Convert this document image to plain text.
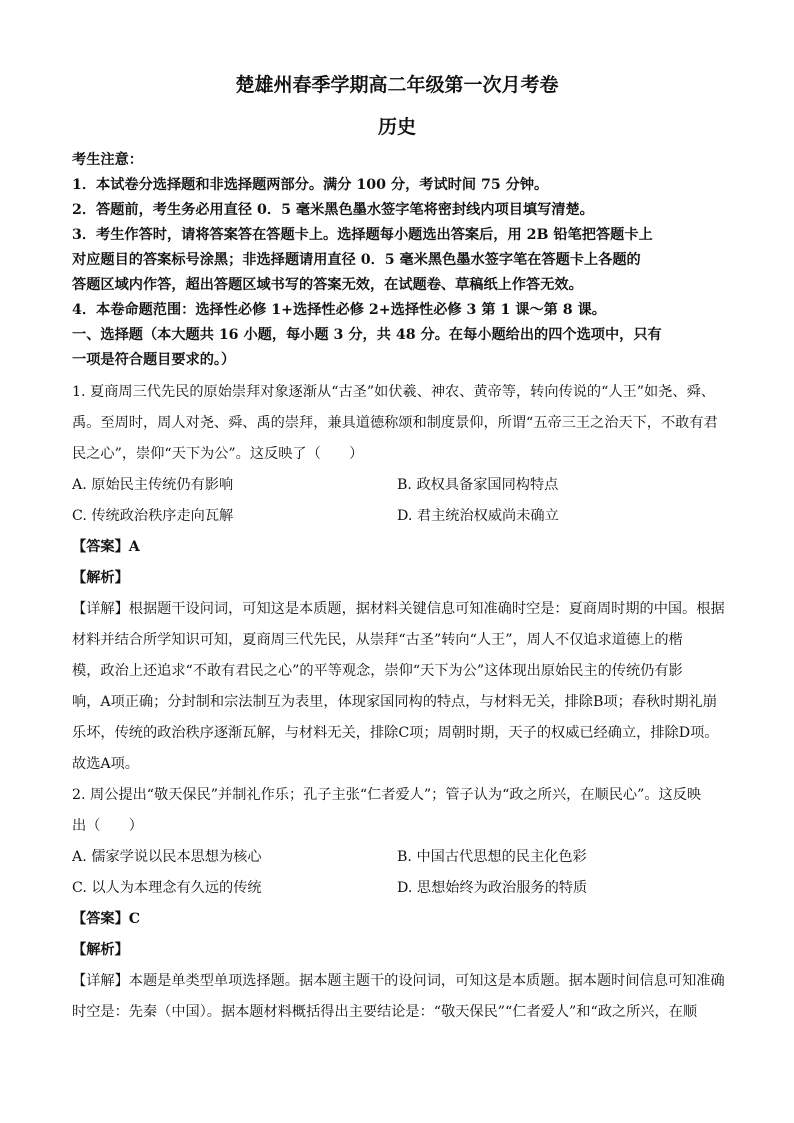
楚雄州春季学期高二年级第一次月考卷
历史
考生注意：
1．本试卷分选择题和非选择题两部分。满分 100 分，考试时间 75 分钟。
2．答题前，考生务必用直径 0．5 毫米黑色墨水签字笔将密封线内项目填写清楚。
3．考生作答时，请将答案答在答题卡上。选择题每小题选出答案后，用 2B 铅笔把答题卡上
对应题目的答案标号涂黑；非选择题请用直径 0．5 毫米黑色墨水签字笔在答题卡上各题的
答题区域内作答，超出答题区域书写的答案无效，在试题卷、草稿纸上作答无效。
4．本卷命题范围：选择性必修 1+选择性必修 2+选择性必修 3 第 1 课～第 8 课。
一、选择题（本大题共 16 小题，每小题 3 分，共 48 分。在每小题给出的四个选项中，只有
一项是符合题目要求的。）
1. 夏商周三代先民的原始崇拜对象逐渐从“古圣”如伏羲、神农、黄帝等，转向传说的“人王”如尧、舜、
禹。至周时，周人对尧、舜、禹的崇拜，兼具道德称颂和制度景仰，所谓“五帝三王之治天下，不敢有君
民之心”，崇仰“天下为公”。这反映了（　　）
A. 原始民主传统仍有影响	B. 政权具备家国同构特点
C. 传统政治秩序走向瓦解	D. 君主统治权威尚未确立
【答案】A
【解析】
【详解】根据题干设问词，可知这是本质题，据材料关键信息可知准确时空是：夏商周时期的中国。根据
材料并结合所学知识可知，夏商周三代先民，从崇拜“古圣”转向“人王”，周人不仅追求道德上的楷
模，政治上还追求“不敢有君民之心”的平等观念，崇仰“天下为公”这体现出原始民主的传统仍有影
响，A项正确；分封制和宗法制互为表里，体现家国同构的特点，与材料无关，排除B项；春秋时期礼崩
乐坏，传统的政治秩序逐渐瓦解，与材料无关，排除C项；周朝时期，天子的权威已经确立，排除D项。
故选A项。
2. 周公提出“敬天保民”并制礼作乐；孔子主张“仁者爱人”；管子认为“政之所兴，在顺民心”。这反映
出（　　）
A. 儒家学说以民本思想为核心	B. 中国古代思想的民主化色彩
C. 以人为本理念有久远的传统	D. 思想始终为政治服务的特质
【答案】C
【解析】
【详解】本题是单类型单项选择题。据本题主题干的设问词，可知这是本质题。据本题时间信息可知准确
时空是：先秦（中国）。据本题材料概括得出主要结论是：“敬天保民”“仁者爱人”和“政之所兴，在顺
